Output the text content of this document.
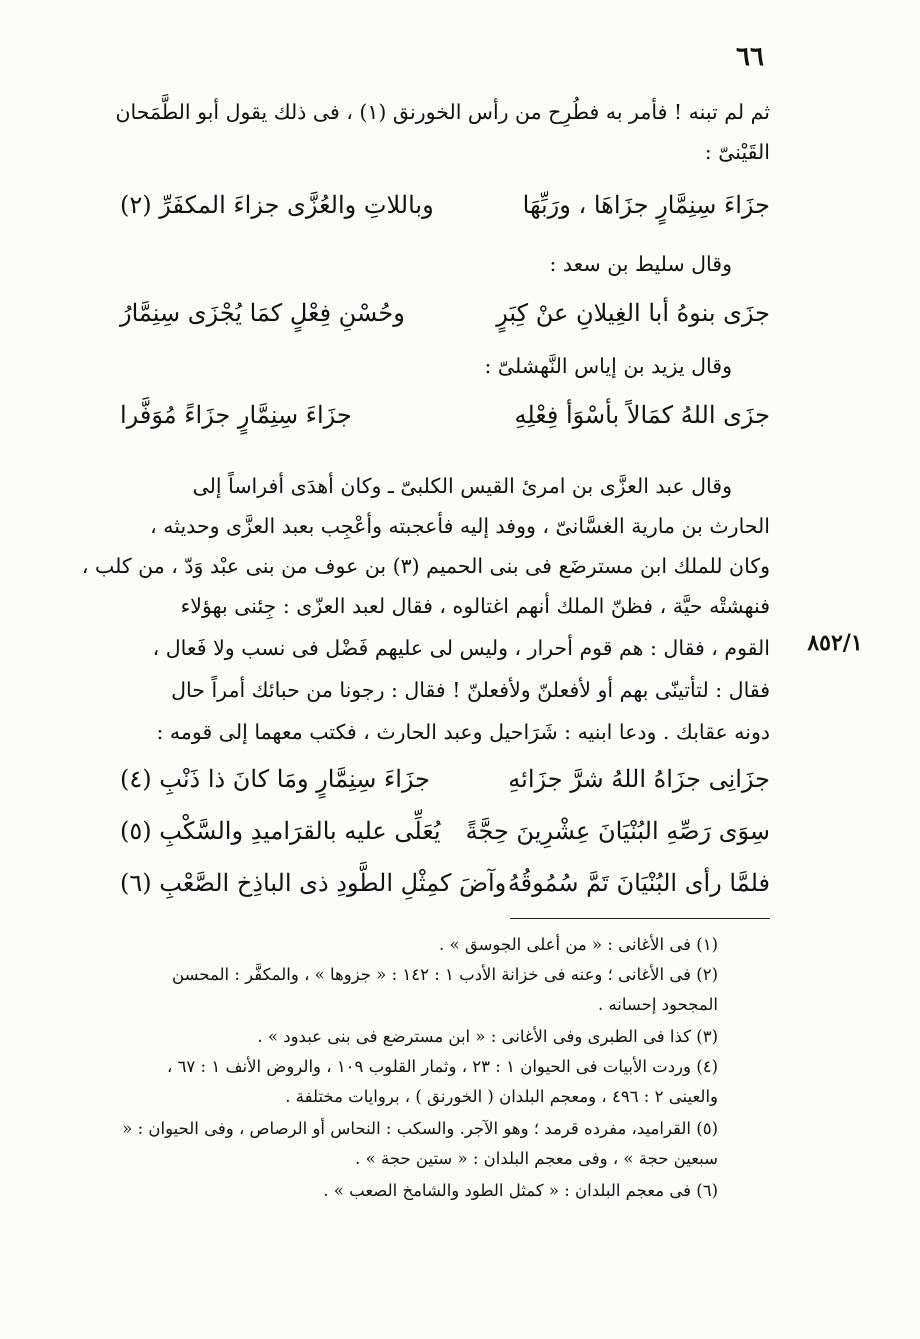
٦٦
٨٥٢/١
ثم لم تبنه ! فأمر به فطُرِح من رأس الخورنق (١) ، فى ذلك يقول أبو الطَّمَحان
القَيْنىّ :
جزَاءَ سِنِمَّارٍ جزَاهَا ، ورَبِّهَا
وباللاتِ والعُزَّى جزاءَ المكفَرِّ (٢)
وقال سليط بن سعد :
جزَى بنوهُ أبا الغِيلانِ عنْ كِبَرٍ
وحُسْنِ فِعْلٍ كمَا يُجْزَى سِنِمَّارُ
وقال يزيد بن إياس النَّهشلىّ :
جزَى اللهُ كمَالاً بأسْوَأ فِعْلِهِ
جزَاءَ سِنِمَّارٍ جزَاءً مُوَفَّرا
وقال عبد العزَّى بن امرئ القيس الكلبىّ ـ وكان أهدَى أفراساً إلى
الحارث بن مارية الغسَّانىّ ، ووفد إليه فأعجبته وأعْجِب بعبد العزَّى وحديثه ،
وكان للملك ابن مسترضَع فى بنى الحميم (٣) بن عوف من بنى عبْد وَدّ ، من كلب ،
فنهشتْه حيَّة ، فظنّ الملك أنهم اغتالوه ، فقال لعبد العزّى : جِئنى بهؤلاء
القوم ، فقال : هم قوم أحرار ، وليس لى عليهم فَضْل فى نسب ولا فَعال ،
فقال : لتأتينّى بهم أو لأفعلنّ ولأفعلنّ ! فقال : رجونا من حبائك أمراً حال
دونه عقابك . ودعا ابنيه : شَرَاحيل وعبد الحارث ، فكتب معهما إلى قومه :
جزَانِى جزَاهُ اللهُ شرَّ جزَائهِ
جزَاءَ سِنِمَّارٍ ومَا كانَ ذا ذَنْبِ (٤)
سِوَى رَصِّهِ البُنْيَانَ عِشْرِينَ حِجَّةً
يُعَلِّى عليه بالقرَاميدِ والسَّكْبِ (٥)
فلمَّا رأى البُنْيَانَ تَمَّ سُمُوقُهُ
وآضَ كمِثْلِ الطَّودِ ذى الباذِخ الصَّعْبِ (٦)
(١) فى الأغانى : « من أعلى الجوسق » .
(٢) فى الأغانى ؛ وعنه فى خزانة الأدب ١ : ١٤٢ : « جزوها » ، والمكفَّر : المحسن المجحود إحسانه .
(٣) كذا فى الطبرى وفى الأغانى : « ابن مسترضع فى بنى عبدود » .
(٤) وردت الأبيات فى الحيوان ١ : ٢٣ ، وثمار القلوب ١٠٩ ، والروض الأنف ١ : ٦٧ ، والعينى ٢ : ٤٩٦ ، ومعجم البلدان ( الخورنق ) ، بروايات مختلفة .
(٥) القراميد، مفرده قرمد ؛ وهو الآجر. والسكب : النحاس أو الرصاص ، وفى الحيوان : « سبعين حجة » ، وفى معجم البلدان : « ستين حجة » .
(٦) فى معجم البلدان : « كمثل الطود والشامخ الصعب » .
